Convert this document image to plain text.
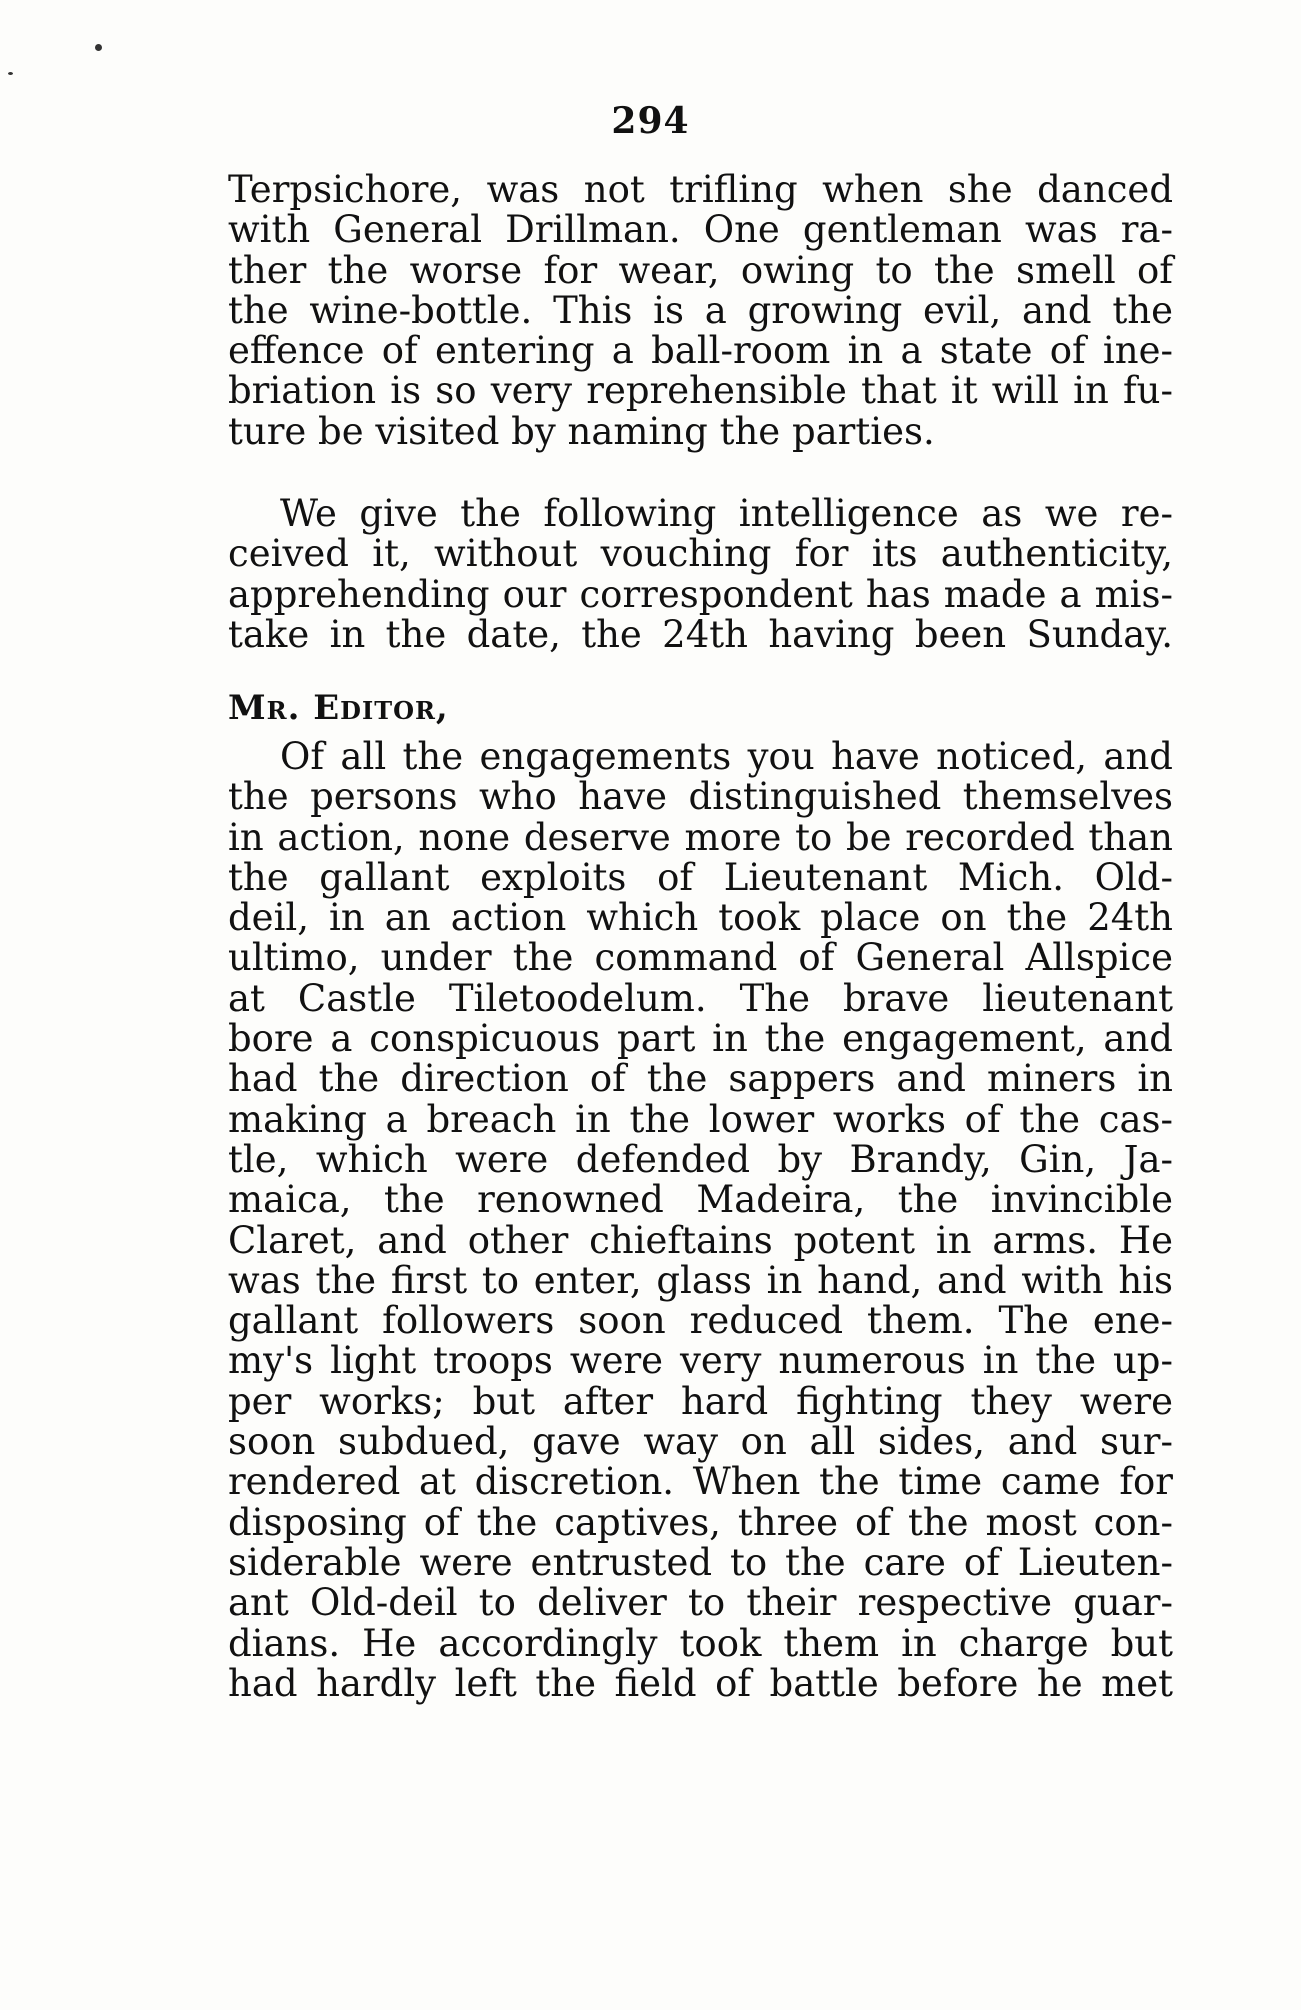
294
Terpsichore, was not trifling when she danced
with General Drillman. One gentleman was ra-
ther the worse for wear, owing to the smell of
the wine-bottle. This is a growing evil, and the
effence of entering a ball-room in a state of ine-
briation is so very reprehensible that it will in fu-
ture be visited by naming the parties.
We give the following intelligence as we re-
ceived it, without vouching for its authenticity,
apprehending our correspondent has made a mis-
take in the date, the 24th having been Sunday.
Mr. Editor,
Of all the engagements you have noticed, and
the persons who have distinguished themselves
in action, none deserve more to be recorded than
the gallant exploits of Lieutenant Mich. Old-
deil, in an action which took place on the 24th
ultimo, under the command of General Allspice
at Castle Tiletoodelum. The brave lieutenant
bore a conspicuous part in the engagement, and
had the direction of the sappers and miners in
making a breach in the lower works of the cas-
tle, which were defended by Brandy, Gin, Ja-
maica, the renowned Madeira, the invincible
Claret, and other chieftains potent in arms. He
was the first to enter, glass in hand, and with his
gallant followers soon reduced them. The ene-
my's light troops were very numerous in the up-
per works; but after hard fighting they were
soon subdued, gave way on all sides, and sur-
rendered at discretion. When the time came for
disposing of the captives, three of the most con-
siderable were entrusted to the care of Lieuten-
ant Old-deil to deliver to their respective guar-
dians. He accordingly took them in charge but
had hardly left the field of battle before he met
